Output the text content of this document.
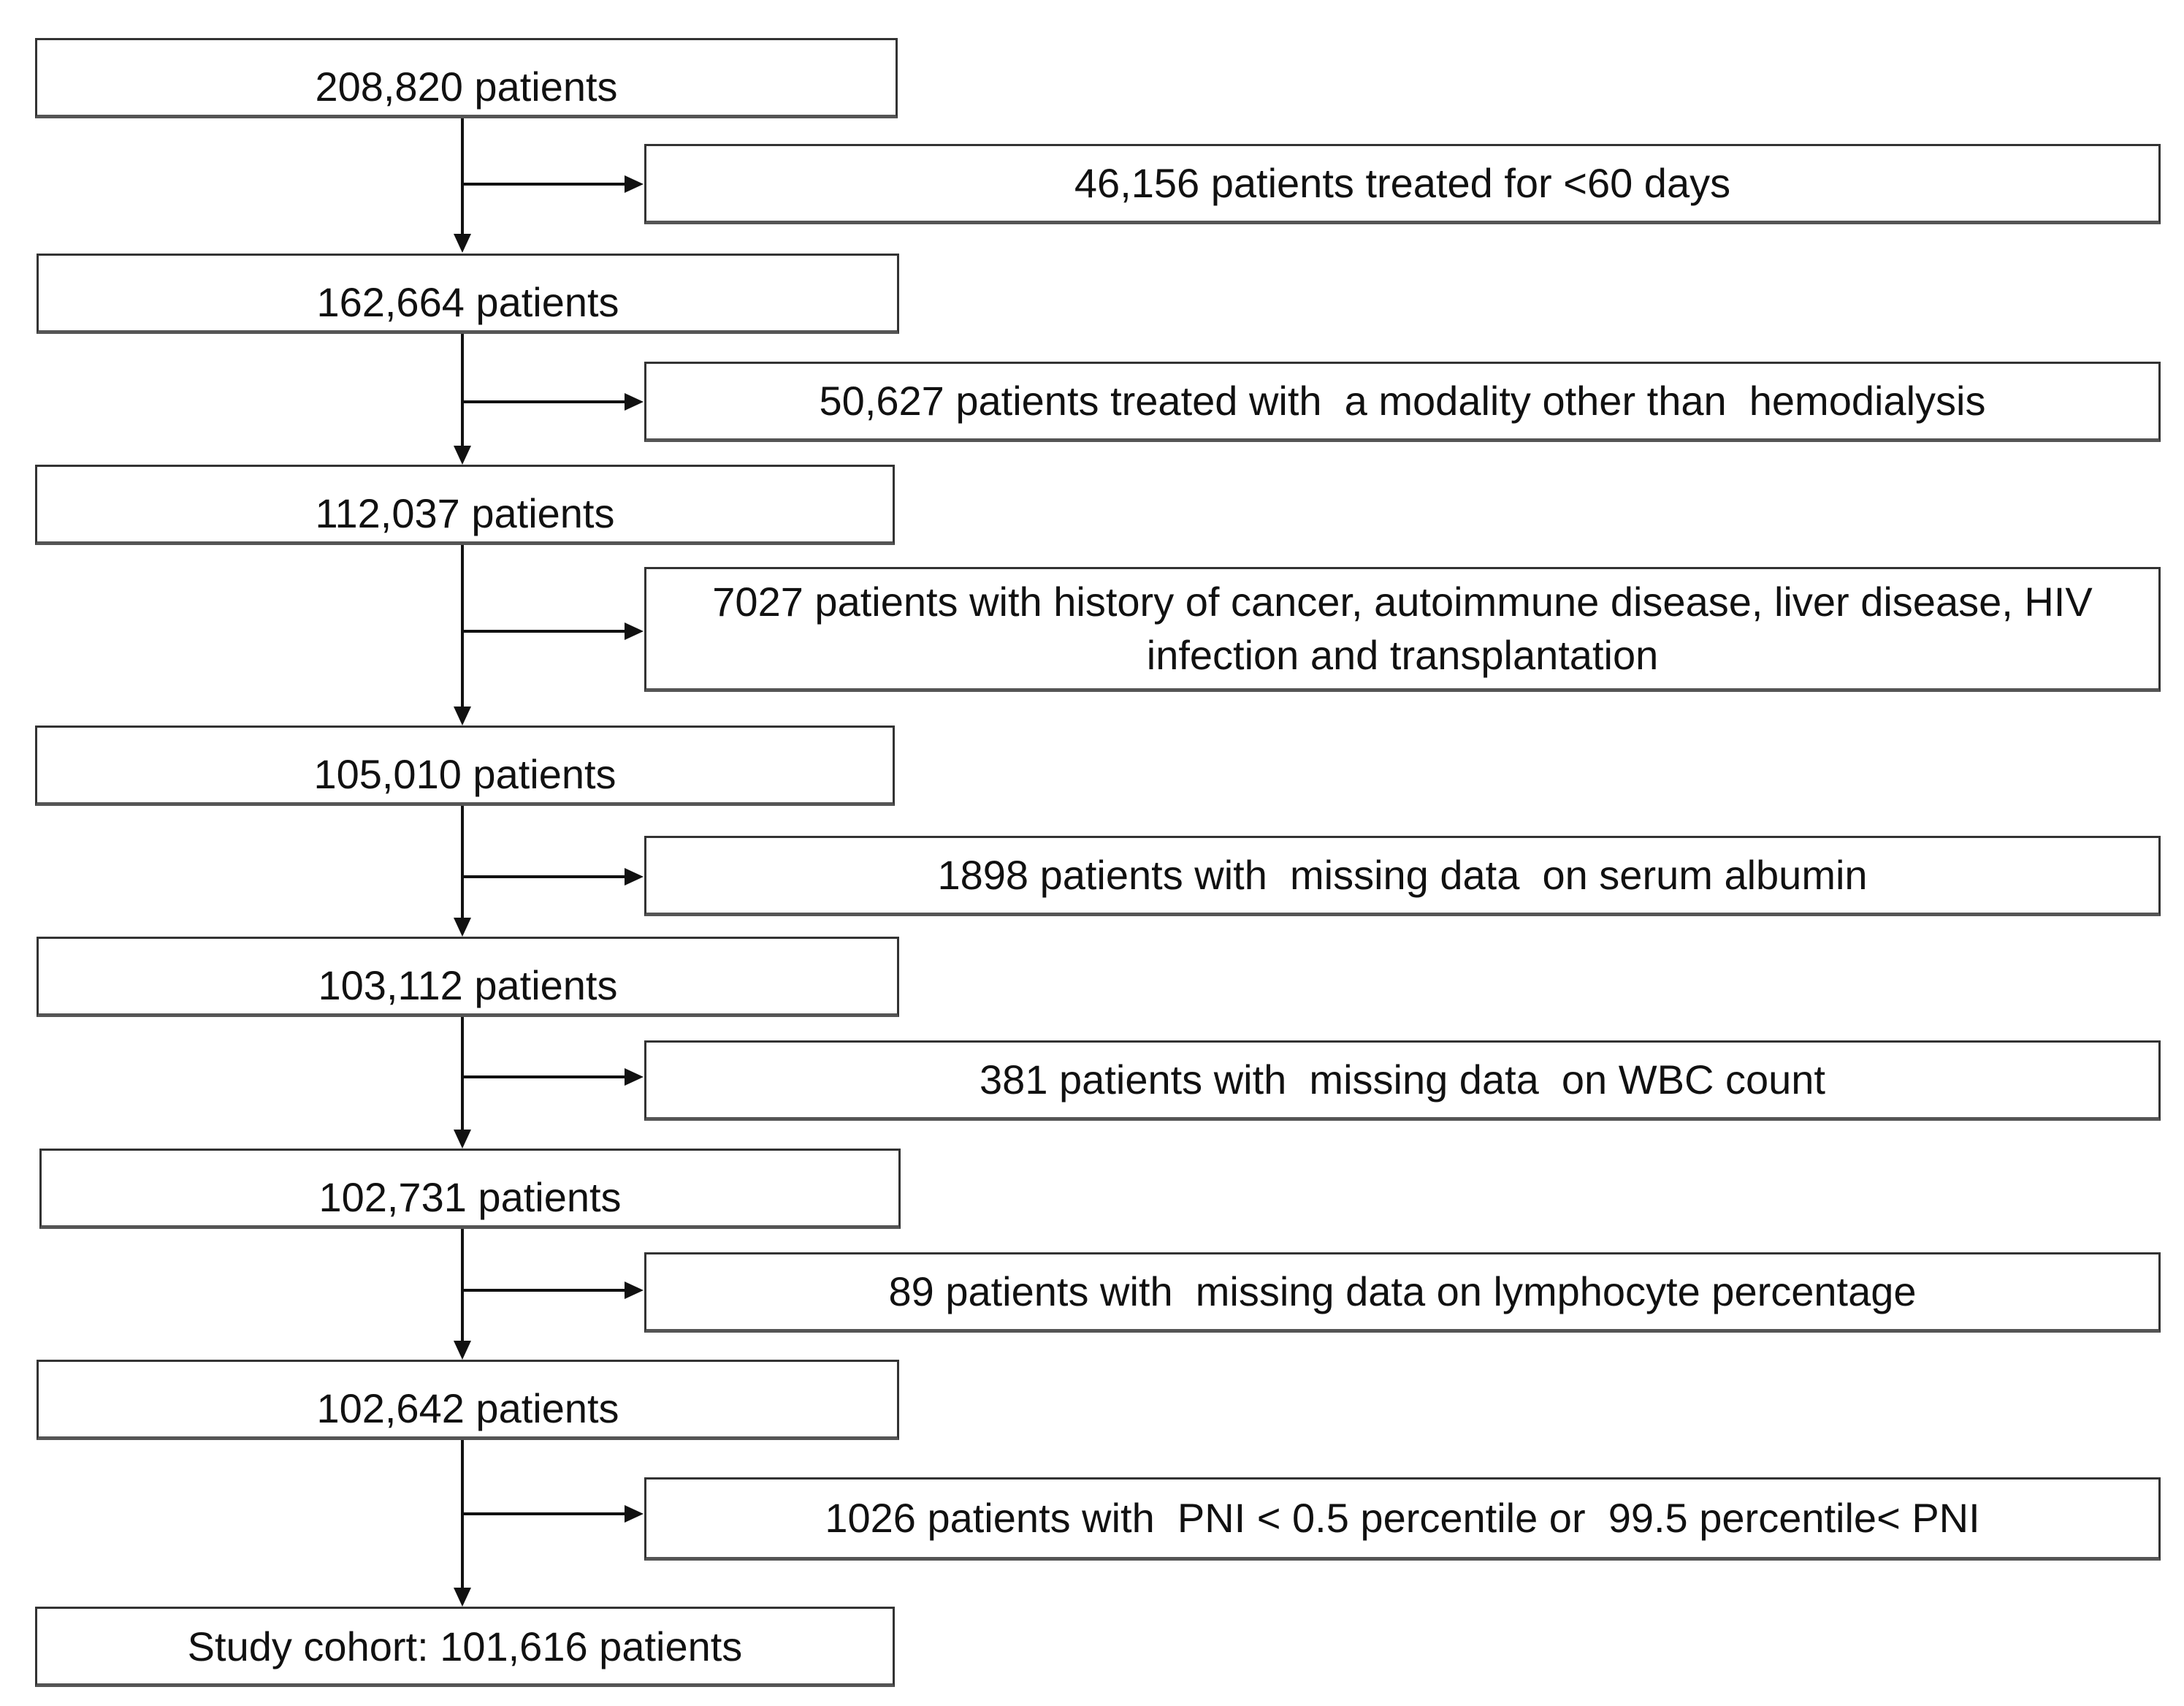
208,820 patients
162,664 patients
112,037 patients
105,010 patients
103,112 patients
102,731 patients
102,642 patients
Study cohort: 101,616 patients
46,156 patients treated for <60 days
50,627 patients treated with  a modality other than  hemodialysis
7027 patients with history of cancer, autoimmune disease, liver disease, HIV infection and transplantation
1898 patients with  missing data  on serum albumin
381 patients with  missing data  on WBC count
89 patients with  missing data on lymphocyte percentage
1026 patients with  PNI < 0.5 percentile or  99.5 percentile< PNI
